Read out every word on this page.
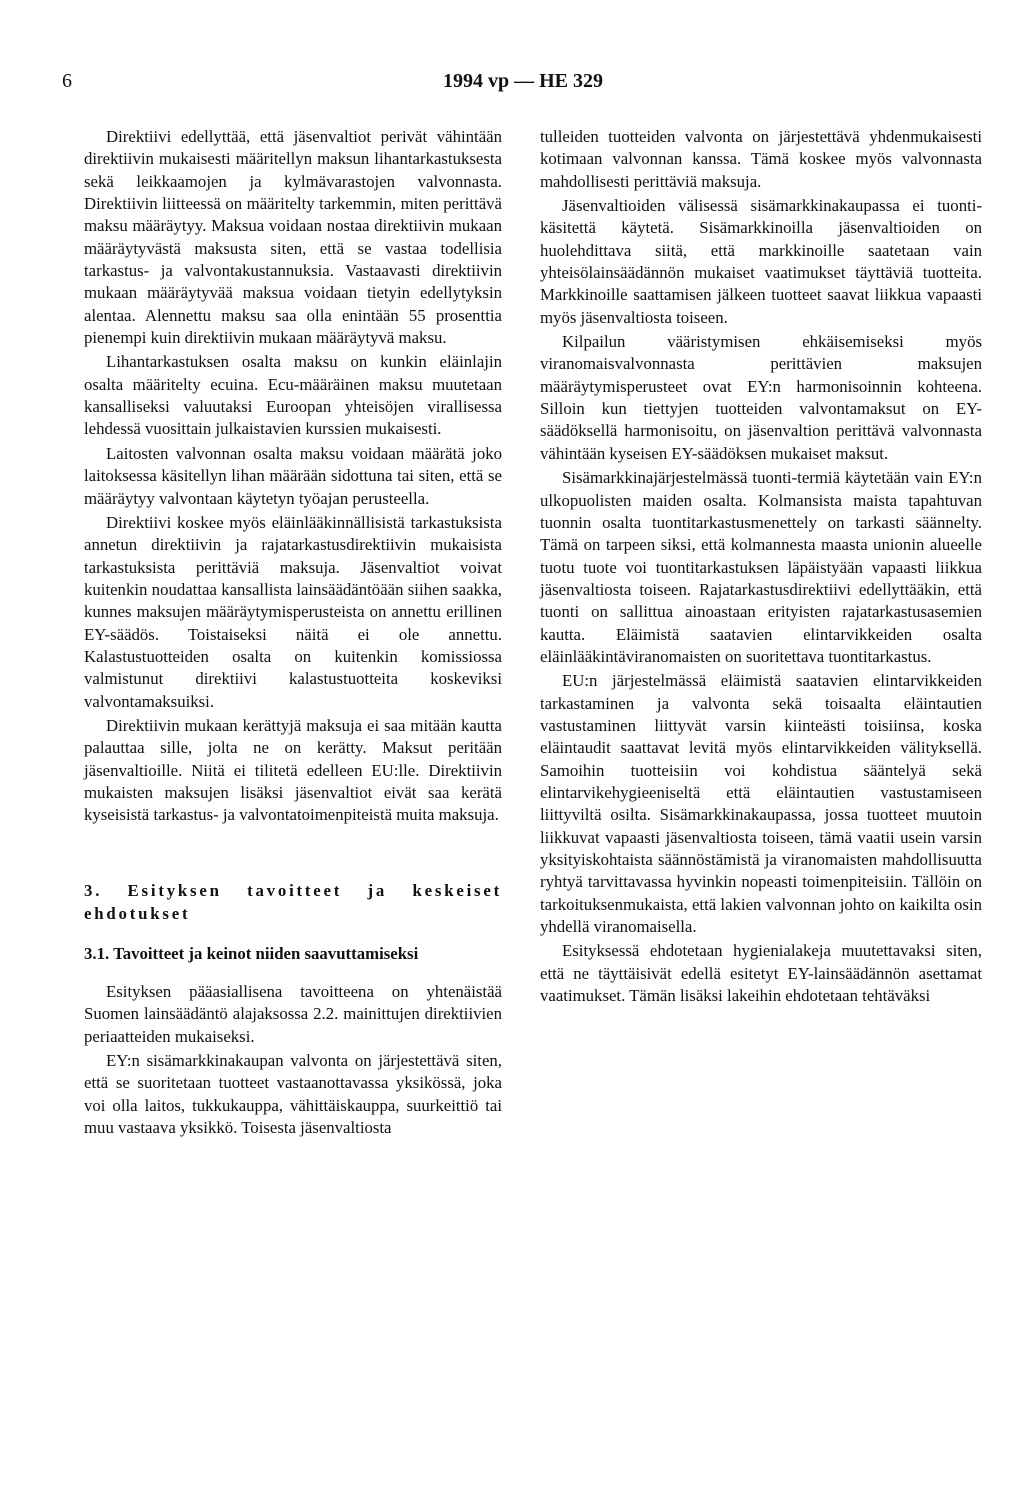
6	1994 vp — HE 329

Direktiivi edellyttää, että jäsenvaltiot perivät vähintään direktiivin mukaisesti määritellyn maksun lihantarkastuksesta sekä leikkaamojen ja kylmävarastojen valvonnasta. Direktiivin liitteessä on määritelty tarkemmin, miten perittävä maksu määräytyy. Maksua voidaan nostaa direktiivin mukaan määräytyvästä maksusta siten, että se vastaa todellisia tarkastus- ja valvontakustannuksia. Vastaavasti direktiivin mukaan määräytyvää maksua voidaan tietyin edellytyksin alentaa. Alennettu maksu saa olla enintään 55 prosenttia pienempi kuin direktiivin mukaan määräytyvä maksu.

Lihantarkastuksen osalta maksu on kunkin eläinlajin osalta määritelty ecuina. Ecu-määräinen maksu muutetaan kansalliseksi valuutaksi Euroopan yhteisöjen virallisessa lehdessä vuosittain julkaistavien kurssien mukaisesti.

Laitosten valvonnan osalta maksu voidaan määrätä joko laitoksessa käsitellyn lihan määrään sidottuna tai siten, että se määräytyy valvontaan käytetyn työajan perusteella.

Direktiivi koskee myös eläinlääkinnällisistä tarkastuksista annetun direktiivin ja rajatarkastusdirektiivin mukaisista tarkastuksista perittäviä maksuja. Jäsenvaltiot voivat kuitenkin noudattaa kansallista lainsäädäntöään siihen saakka, kunnes maksujen määräytymisperusteista on annettu erillinen EY-säädös. Toistaiseksi näitä ei ole annettu. Kalastustuotteiden osalta on kuitenkin komissiossa valmistunut direktiivi kalastustuotteita koskeviksi valvontamaksuiksi.

Direktiivin mukaan kerättyjä maksuja ei saa mitään kautta palauttaa sille, jolta ne on kerätty. Maksut peritään jäsenvaltioille. Niitä ei tilitetä edelleen EU:lle. Direktiivin mukaisten maksujen lisäksi jäsenvaltiot eivät saa kerätä kyseisistä tarkastus- ja valvontatoimenpiteistä muita maksuja.

3. Esityksen tavoitteet ja keskeiset ehdotukset
3.1. Tavoitteet ja keinot niiden saavuttamiseksi

Esityksen pääasiallisena tavoitteena on yhtenäistää Suomen lainsäädäntö alajaksossa 2.2. mainittujen direktiivien periaatteiden mukaiseksi.

EY:n sisämarkkinakaupan valvonta on järjestettävä siten, että se suoritetaan tuotteet vastaanottavassa yksikössä, joka voi olla laitos, tukkukauppa, vähittäiskauppa, suurkeittiö tai muu vastaava yksikkö. Toisesta jäsenvaltiosta

tulleiden tuotteiden valvonta on järjestettävä yhdenmukaisesti kotimaan valvonnan kanssa. Tämä koskee myös valvonnasta mahdollisesti perittäviä maksuja.

Jäsenvaltioiden välisessä sisämarkkinakaupassa ei tuonti-käsitettä käytetä. Sisämarkkinoilla jäsenvaltioiden on huolehdittava siitä, että markkinoille saatetaan vain yhteisölainsäädännön mukaiset vaatimukset täyttäviä tuotteita. Markkinoille saattamisen jälkeen tuotteet saavat liikkua vapaasti myös jäsenvaltiosta toiseen.

Kilpailun vääristymisen ehkäisemiseksi myös viranomaisvalvonnasta perittävien maksujen määräytymisperusteet ovat EY:n harmonisoinnin kohteena. Silloin kun tiettyjen tuotteiden valvontamaksut on EY-säädöksellä harmonisoitu, on jäsenvaltion perittävä valvonnasta vähintään kyseisen EY-säädöksen mukaiset maksut.

Sisämarkkinajärjestelmässä tuonti-termiä käytetään vain EY:n ulkopuolisten maiden osalta. Kolmansista maista tapahtuvan tuonnin osalta tuontitarkastusmenettely on tarkasti säännelty. Tämä on tarpeen siksi, että kolmannesta maasta unionin alueelle tuotu tuote voi tuontitarkastuksen läpäistyään vapaasti liikkua jäsenvaltiosta toiseen. Rajatarkastusdirektiivi edellyttääkin, että tuonti on sallittua ainoastaan erityisten rajatarkastusasemien kautta. Eläimistä saatavien elintarvikkeiden osalta eläinlääkintäviranomaisten on suoritettava tuontitarkastus.

EU:n järjestelmässä eläimistä saatavien elintarvikkeiden tarkastaminen ja valvonta sekä toisaalta eläintautien vastustaminen liittyvät varsin kiinteästi toisiinsa, koska eläintaudit saattavat levitä myös elintarvikkeiden välityksellä. Samoihin tuotteisiin voi kohdistua sääntelyä sekä elintarvikehygieeniseltä että eläintautien vastustamiseen liittyviltä osilta. Sisämarkkinakaupassa, jossa tuotteet muutoin liikkuvat vapaasti jäsenvaltiosta toiseen, tämä vaatii usein varsin yksityiskohtaista säännöstämistä ja viranomaisten mahdollisuutta ryhtyä tarvittavassa hyvinkin nopeasti toimenpiteisiin. Tällöin on tarkoituksenmukaista, että lakien valvonnan johto on kaikilta osin yhdellä viranomaisella.

Esityksessä ehdotetaan hygienialakeja muutettavaksi siten, että ne täyttäisivät edellä esitetyt EY-lainsäädännön asettamat vaatimukset. Tämän lisäksi lakeihin ehdotetaan tehtäväksi
